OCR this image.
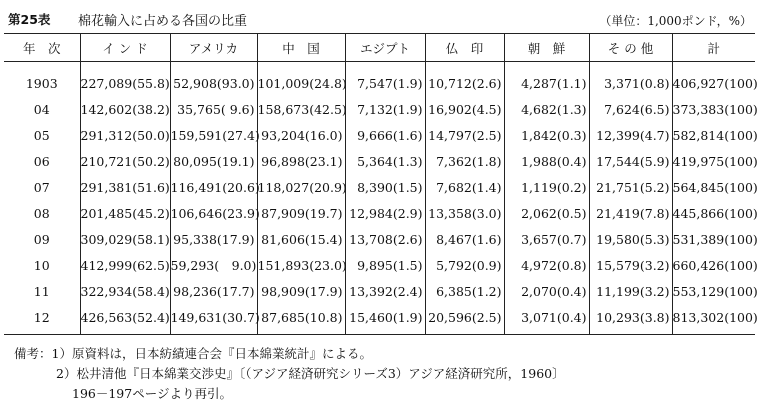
第25表 棉花輸入に占める各国の比重	（単位：1,000ポンド，%）
年　次	イ ン ド	アメリカ	中　国	エジプト	仏　印	朝　鮮	そ の 他	計
1903	227,089(55.8)	52,908(93.0)	101,009(24.8)	7,547(1.9)	10,712(2.6)	4,287(1.1)	3,371(0.8)	406,927(100)
04	142,602(38.2)	35,765( 9.6)	158,673(42.5)	7,132(1.9)	16,902(4.5)	4,682(1.3)	7,624(6.5)	373,383(100)
05	291,312(50.0)	159,591(27.4)	93,204(16.0)	9,666(1.6)	14,797(2.5)	1,842(0.3)	12,399(4.7)	582,814(100)
06	210,721(50.2)	80,095(19.1)	96,898(23.1)	5,364(1.3)	7,362(1.8)	1,988(0.4)	17,544(5.9)	419,975(100)
07	291,381(51.6)	116,491(20.6)	118,027(20.9)	8,390(1.5)	7,682(1.4)	1,119(0.2)	21,751(5.2)	564,845(100)
08	201,485(45.2)	106,646(23.9)	87,909(19.7)	12,984(2.9)	13,358(3.0)	2,062(0.5)	21,419(7.8)	445,866(100)
09	309,029(58.1)	95,338(17.9)	81,606(15.4)	13,708(2.6)	8,467(1.6)	3,657(0.7)	19,580(5.3)	531,389(100)
10	412,999(62.5)	59,293(　9.0)	151,893(23.0)	9,895(1.5)	5,792(0.9)	4,972(0.8)	15,579(3.2)	660,426(100)
11	322,934(58.4)	98,236(17.7)	98,909(17.9)	13,392(2.4)	6,385(1.2)	2,070(0.4)	11,199(3.2)	553,129(100)
12	426,563(52.4)	149,631(30.7)	87,685(10.8)	15,460(1.9)	20,596(2.5)	3,071(0.4)	10,293(3.8)	813,302(100)
備考：1）原資料は，日本紡績連合会『日本綿業統計』による。
2）松井清他『日本綿業交渉史』〔（アジア経済研究シリーズ3）アジア経済研究所，1960〕
196－197ページより再引。
